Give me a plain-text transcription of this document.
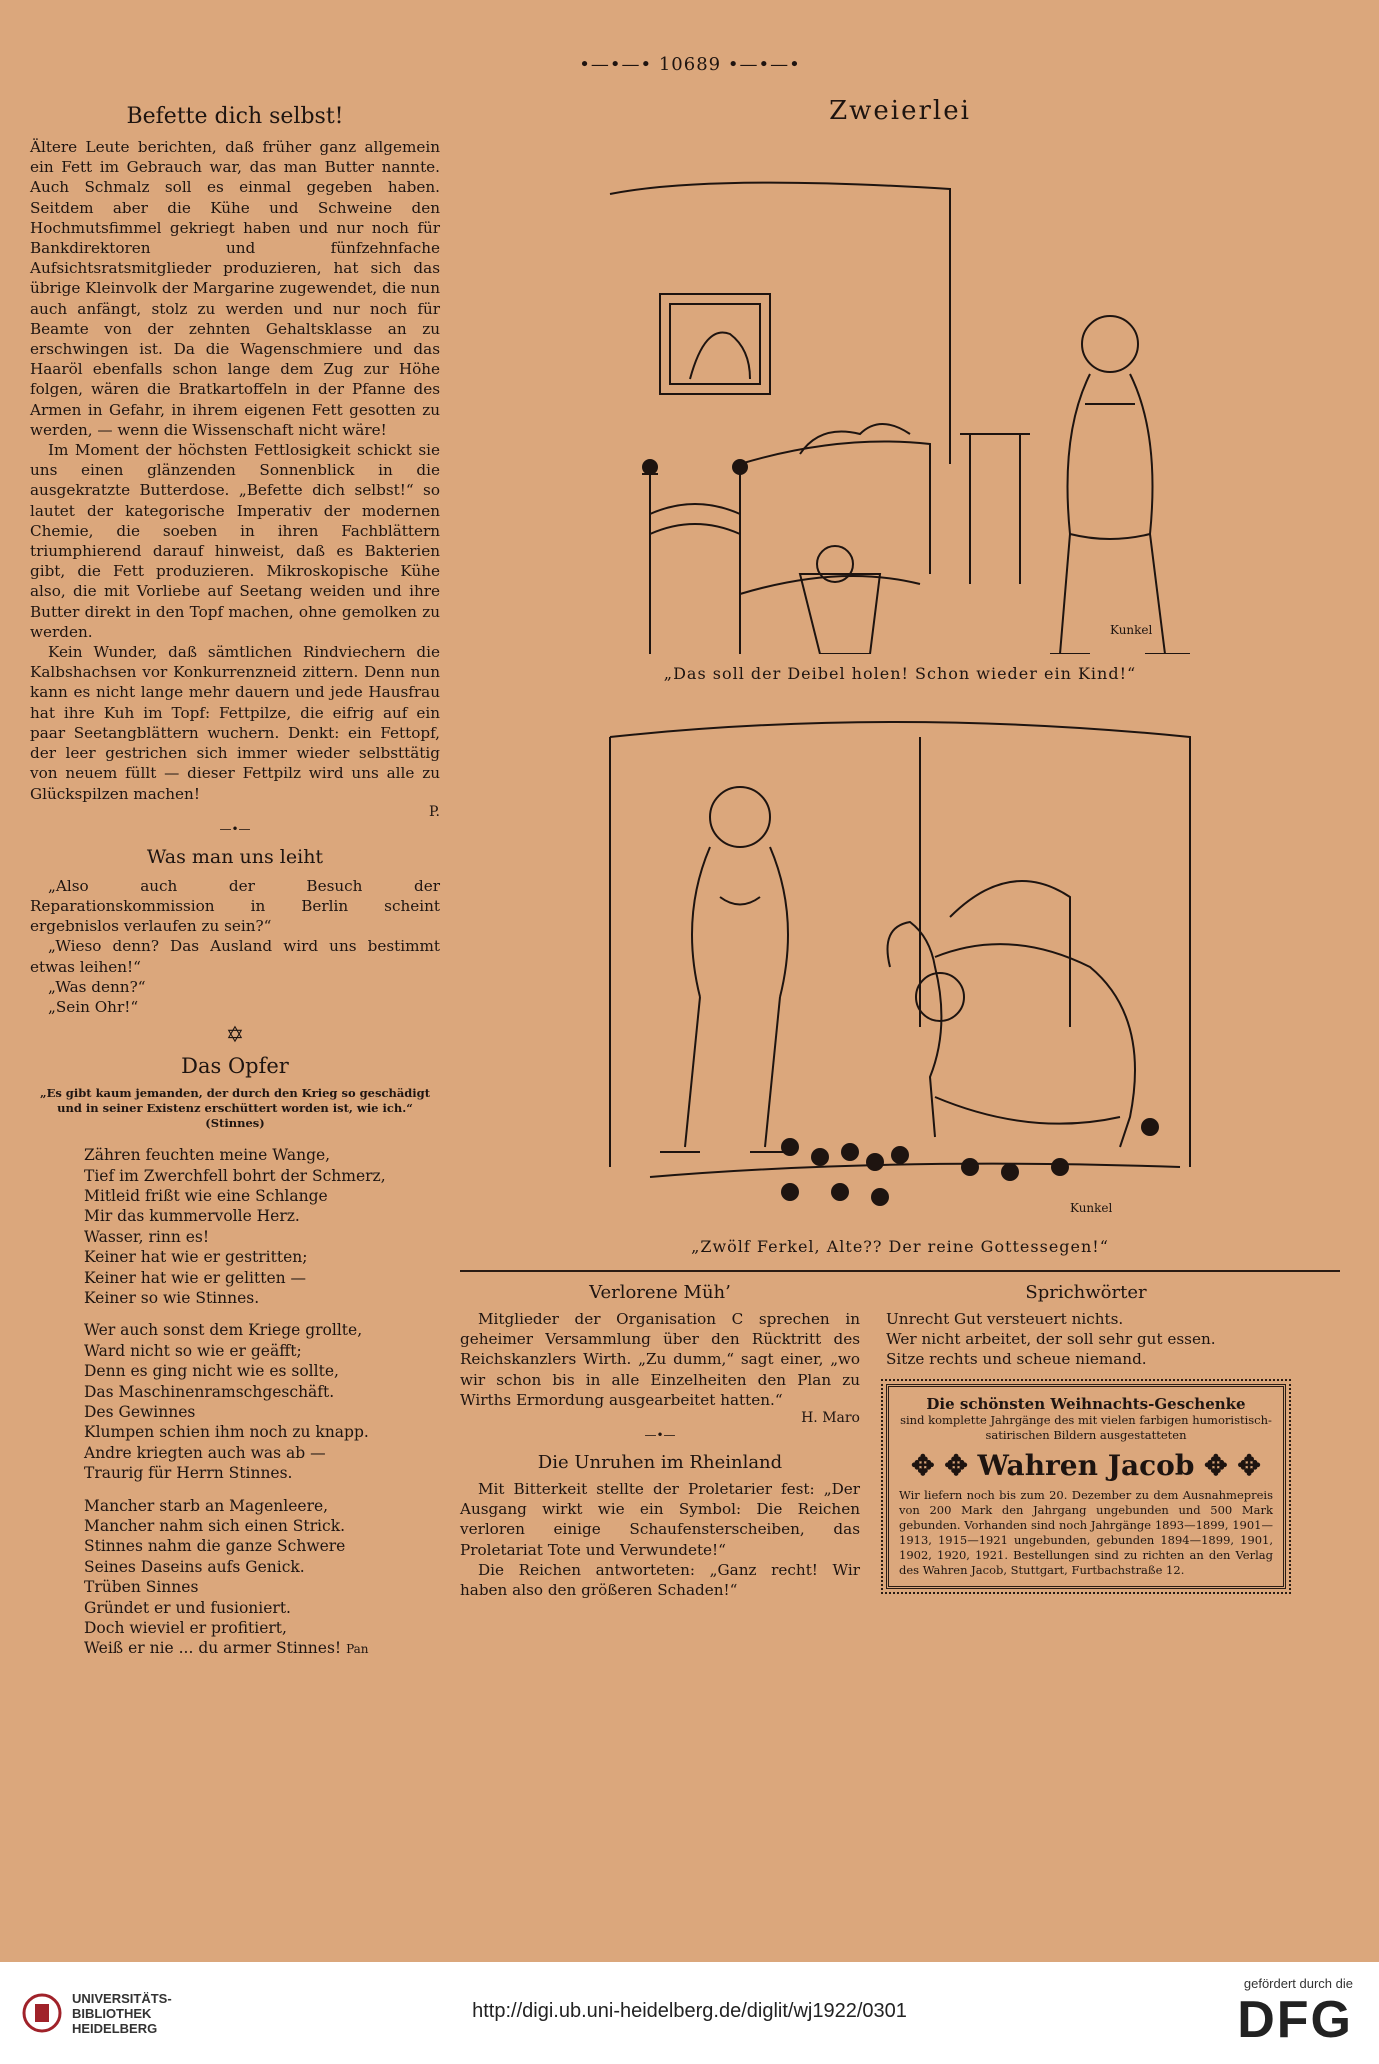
•—•—• 10689 •—•—•
Befette dich selbst!

Ältere Leute berichten, daß früher ganz allgemein ein Fett im Gebrauch war, das man Butter nannte. Auch Schmalz soll es einmal gegeben haben. Seitdem aber die Kühe und Schweine den Hochmutsfimmel gekriegt haben und nur noch für Bankdirektoren und fünfzehnfache Aufsichtsratsmitglieder produzieren, hat sich das übrige Kleinvolk der Margarine zugewendet, die nun auch anfängt, stolz zu werden und nur noch für Beamte von der zehnten Gehaltsklasse an zu erschwingen ist. Da die Wagenschmiere und das Haaröl ebenfalls schon lange dem Zug zur Höhe folgen, wären die Bratkartoffeln in der Pfanne des Armen in Gefahr, in ihrem eigenen Fett gesotten zu werden, — wenn die Wissenschaft nicht wäre!

Im Moment der höchsten Fettlosigkeit schickt sie uns einen glänzenden Sonnenblick in die ausgekratzte Butterdose. „Befette dich selbst!“ so lautet der kategorische Imperativ der modernen Chemie, die soeben in ihren Fachblättern triumphierend darauf hinweist, daß es Bakterien gibt, die Fett produzieren. Mikroskopische Kühe also, die mit Vorliebe auf Seetang weiden und ihre Butter direkt in den Topf machen, ohne gemolken zu werden.

Kein Wunder, daß sämtlichen Rindviechern die Kalbshachsen vor Konkurrenzneid zittern. Denn nun kann es nicht lange mehr dauern und jede Hausfrau hat ihre Kuh im Topf: Fettpilze, die eifrig auf ein paar Seetangblättern wuchern. Denkt: ein Fettopf, der leer gestrichen sich immer wieder selbsttätig von neuem füllt — dieser Fettpilz wird uns alle zu Glückspilzen machen!

P.
—•—
Was man uns leiht

„Also auch der Besuch der Reparationskommission in Berlin scheint ergebnislos verlaufen zu sein?“

„Wieso denn? Das Ausland wird uns bestimmt etwas leihen!“

„Was denn?“

„Sein Ohr!“

✡
Das Opfer
„Es gibt kaum jemanden, der durch den Krieg so geschädigt und in seiner Existenz erschüttert worden ist, wie ich.“ (Stinnes)
Zähren feuchten meine Wange,
Tief im Zwerchfell bohrt der Schmerz,
Mitleid frißt wie eine Schlange
Mir das kummervolle Herz.
Wasser, rinn es!
Keiner hat wie er gestritten;
Keiner hat wie er gelitten —
Keiner so wie Stinnes.
Wer auch sonst dem Kriege grollte,
Ward nicht so wie er geäfft;
Denn es ging nicht wie es sollte,
Das Maschinenramschgeschäft.
Des Gewinnes
Klumpen schien ihm noch zu knapp.
Andre kriegten auch was ab —
Traurig für Herrn Stinnes.
Mancher starb an Magenleere,
Mancher nahm sich einen Strick.
Stinnes nahm die ganze Schwere
Seines Daseins aufs Genick.
Trüben Sinnes
Gründet er und fusioniert.
Doch wieviel er profitiert,
Weiß er nie ... du armer Stinnes! Pan
Zweierlei
Kunkel
„Das soll der Deibel holen! Schon wieder ein Kind!“
Kunkel
„Zwölf Ferkel, Alte?? Der reine Gottessegen!“
Verlorene Müh’

Mitglieder der Organisation C sprechen in geheimer Versammlung über den Rücktritt des Reichskanzlers Wirth. „Zu dumm,“ sagt einer, „wo wir schon bis in alle Einzelheiten den Plan zu Wirths Ermordung ausgearbeitet hatten.“

H. Maro
—•—
Die Unruhen im Rheinland

Mit Bitterkeit stellte der Proletarier fest: „Der Ausgang wirkt wie ein Symbol: Die Reichen verloren einige Schaufensterscheiben, das Proletariat Tote und Verwundete!“

Die Reichen antworteten: „Ganz recht! Wir haben also den größeren Schaden!“

Sprichwörter

Unrecht Gut versteuert nichts.

Wer nicht arbeitet, der soll sehr gut essen.

Sitze rechts und scheue niemand.

Die schönsten Weihnachts-Geschenke
sind komplette Jahrgänge des mit vielen farbigen humoristisch-satirischen Bildern ausgestatteten
✥ ✥ Wahren Jacob ✥ ✥
Wir liefern noch bis zum 20. Dezember zu dem Ausnahmepreis von 200 Mark den Jahrgang ungebunden und 500 Mark gebunden. Vorhanden sind noch Jahrgänge 1893—1899, 1901—1913, 1915—1921 ungebunden, gebunden 1894—1899, 1901, 1902, 1920, 1921. Bestellungen sind zu richten an den Verlag des Wahren Jacob, Stuttgart, Furtbachstraße 12.
UNIVERSITÄTS-
BIBLIOTHEK
HEIDELBERG
http://digi.ub.uni-heidelberg.de/diglit/wj1922/0301
gefördert durch die
DFG
